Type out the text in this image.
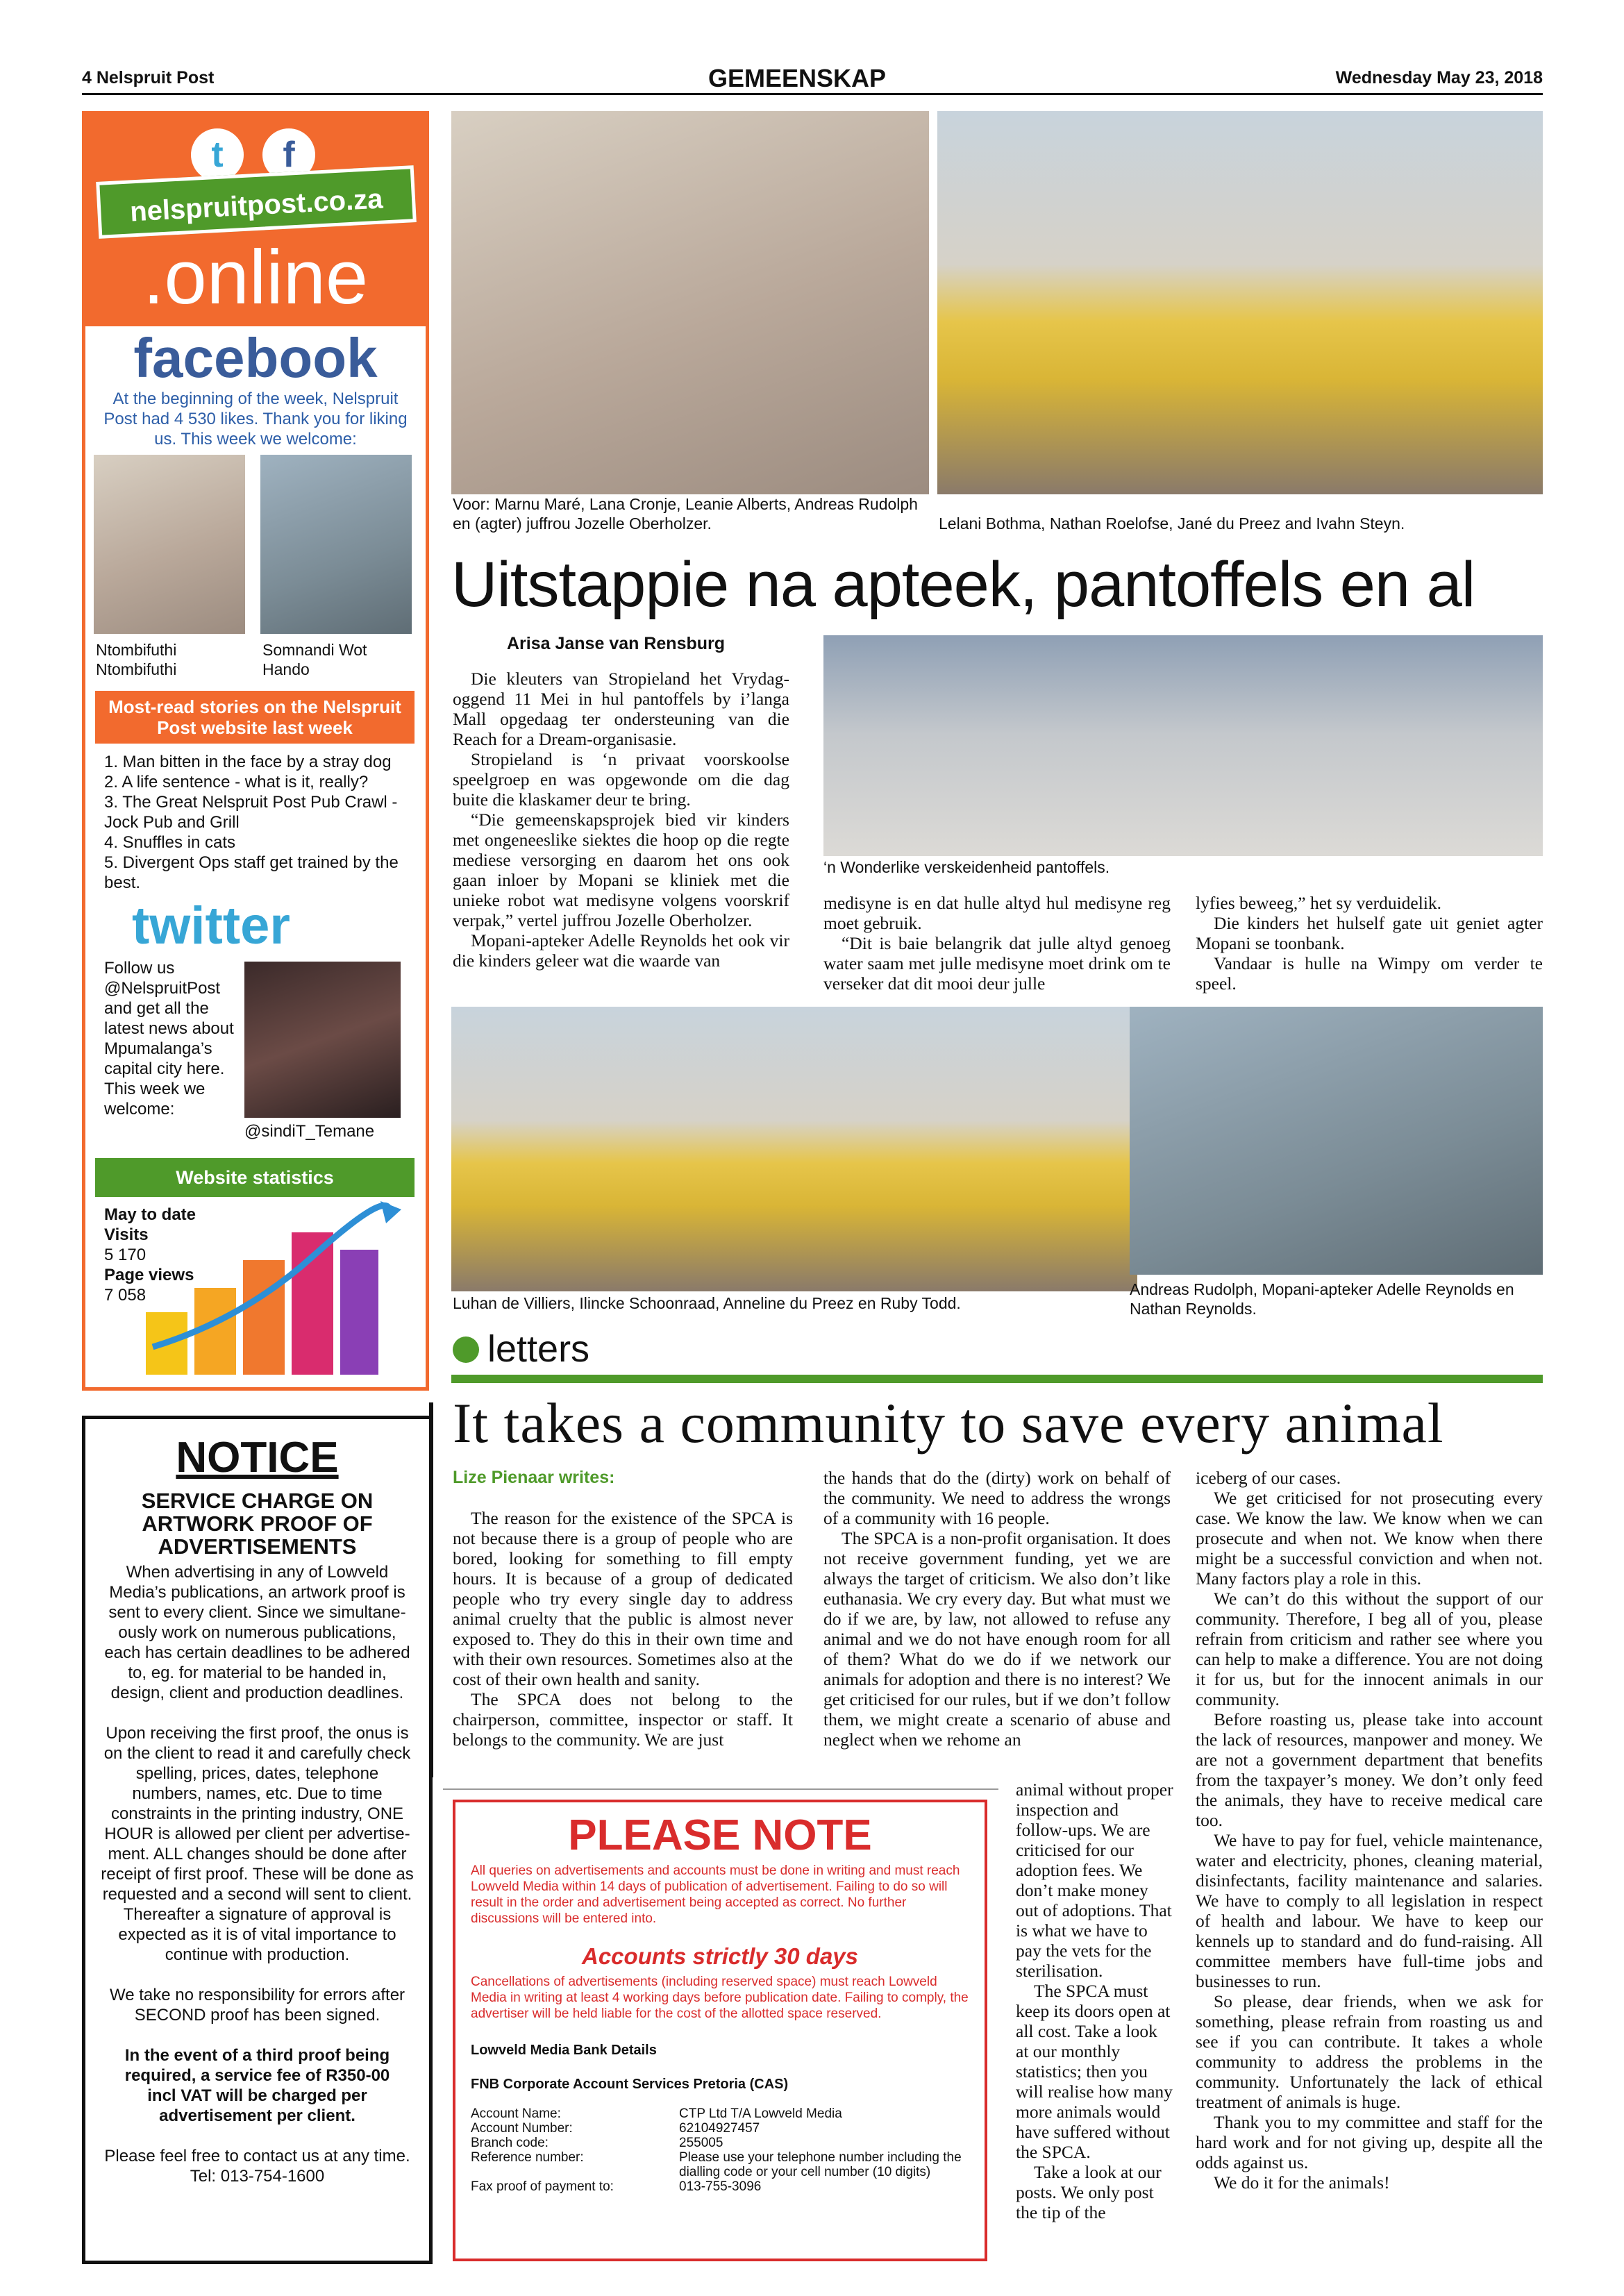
4 Nelspruit Post	GEMEENSKAP	Wednesday May 23, 2018
t	f
nelspruitpost.co.za
.online
facebook
At the beginning of the week, Nelspruit Post had 4 530 likes. Thank you for liking us. This week we welcome:
Ntombifuthi Ntombifuthi
Somnandi Wot Hando
Most-read stories on the Nelspruit Post website last week
1. Man bitten in the face by a stray dog
2. A life sentence - what is it, really?
3. The Great Nelspruit Post Pub Crawl - Jock Pub and Grill
4. Snuffles in cats
5. Divergent Ops staff get trained by the best.
twitter
Follow us @NelspruitPost and get all the latest news about Mpumalanga’s capital city here. This week we welcome:
@sindiT_Temane
Website statistics
May to date
Visits
5 170
Page views
7 058
Voor: Marnu Maré, Lana Cronje, Leanie Alberts, Andreas Rudolph en (agter) juffrou Jozelle Oberholzer.	Lelani Bothma, Nathan Roelofse, Jané du Preez and Ivahn Steyn.
Uitstappie na apteek, pantoffels en al
Arisa Janse van Rensburg

Die kleuters van Stropieland het Vrydag-oggend 11 Mei in hul pantoffels by i’langa Mall opgedaag ter ondersteuning van die Reach for a Dream-organisasie.

Stropieland is ‘n privaat voorskoolse speelgroep en was opgewonde om die dag buite die klaskamer deur te bring.

“Die gemeenskapsprojek bied vir kinders met ongeneeslike siektes die hoop op die regte mediese versorging en daarom het ons ook gaan inloer by Mopani se kliniek met die unieke robot wat medisyne volgens voorskrif verpak,” vertel juffrou Jozelle Oberholzer.

Mopani-apteker Adelle Reynolds het ook vir die kinders geleer wat die waarde van

‘n Wonderlike verskeidenheid pantoffels.

medisyne is en dat hulle altyd hul medisyne reg moet gebruik.

“Dit is baie belangrik dat julle altyd genoeg water saam met julle medisyne moet drink om te verseker dat dit mooi deur julle

lyfies beweeg,” het sy verduidelik.

Die kinders het hulself gate uit geniet agter Mopani se toonbank.

Vandaar is hulle na Wimpy om verder te speel.

Luhan de Villiers, Ilincke Schoonraad, Anneline du Preez en Ruby Todd.
Andreas Rudolph, Mopani-apteker Adelle Reynolds en Nathan Reynolds.
letters
It takes a community to save every animal
Lize Pienaar writes:

The reason for the existence of the SPCA is not because there is a group of people who are bored, looking for something to fill empty hours. It is because of a group of dedicated people who try every single day to address animal cruelty that the public is almost never exposed to. They do this in their own time and with their own resources. Sometimes also at the cost of their own health and sanity.

The SPCA does not belong to the chairperson, committee, inspector or staff. It belongs to the community. We are just

the hands that do the (dirty) work on behalf of the community. We need to address the wrongs of a community with 16 people.

The SPCA is a non-profit organisation. It does not receive government funding, yet we are always the target of criticism. We also don’t like euthanasia. We cry every day. But what must we do if we are, by law, not allowed to refuse any animal and we do not have enough room for all of them? What do we do if we network our animals for adoption and there is no interest? We get criticised for our rules, but if we don’t follow them, we might create a scenario of abuse and neglect when we rehome an

animal without proper inspection and follow-ups. We are criticised for our adoption fees. We don’t make money out of adoptions. That is what we have to pay the vets for the sterilisation.

The SPCA must keep its doors open at all cost. Take a look at our monthly statistics; then you will realise how many more animals would have suffered without the SPCA.

Take a look at our posts. We only post the tip of the

iceberg of our cases.

We get criticised for not prosecuting every case. We know the law. We know when we can prosecute and when not. We know when there might be a successful conviction and when not. Many factors play a role in this.

We can’t do this without the support of our community. Therefore, I beg all of you, please refrain from criticism and rather see where you can help to make a difference. You are not doing it for us, but for the innocent animals in our community.

Before roasting us, please take into account the lack of resources, manpower and money. We are not a government department that benefits from the taxpayer’s money. We don’t only feed the animals, they have to receive medical care too.

We have to pay for fuel, vehicle maintenance, water and electricity, phones, cleaning material, disinfectants, facility maintenance and salaries. We have to comply to all legislation in respect of health and labour. We have to keep our kennels up to standard and do fund-raising. All committee members have full-time jobs and businesses to run.

So please, dear friends, when we ask for something, please refrain from roasting us and see if you can contribute. It takes a whole community to address the problems in the community. Unfortunately the lack of ethical treatment of animals is huge.

Thank you to my committee and staff for the hard work and for not giving up, despite all the odds against us.

We do it for the animals!

NOTICE
SERVICE CHARGE ON ARTWORK PROOF OF ADVERTISEMENTS

When advertising in any of Lowveld Media’s publications, an artwork proof is sent to every client. Since we simultane-ously work on numerous publications, each has certain deadlines to be adhered to, eg. for material to be handed in, design, client and production deadlines.

Upon receiving the first proof, the onus is on the client to read it and carefully check spelling, prices, dates, telephone numbers, names, etc. Due to time constraints in the printing industry, ONE HOUR is allowed per client per advertise-ment. ALL changes should be done after receipt of first proof. These will be done as requested and a second will sent to client. Thereafter a signature of approval is expected as it is of vital importance to continue with production.

We take no responsibility for errors after SECOND proof has been signed.

In the event of a third proof being required, a service fee of R350-00 incl VAT will be charged per advertisement per client.

Please feel free to contact us at any time. Tel: 013-754-1600

PLEASE NOTE
All queries on advertisements and accounts must be done in writing and must reach Lowveld Media within 14 days of publication of advertisement. Failing to do so will result in the order and advertisement being accepted as correct. No further discussions will be entered into.
Accounts strictly 30 days
Cancellations of advertisements (including reserved space) must reach Lowveld Media in writing at least 4 working days before publication date. Failing to comply, the advertiser will be held liable for the cost of the allotted space reserved.
Lowveld Media Bank Details
FNB Corporate Account Services Pretoria (CAS)
Account Name:	CTP Ltd T/A Lowveld Media
Account Number:	62104927457
Branch code:	255005
Reference number:	Please use your telephone number including the dialling code or your cell number (10 digits)
Fax proof of payment to:	013-755-3096
